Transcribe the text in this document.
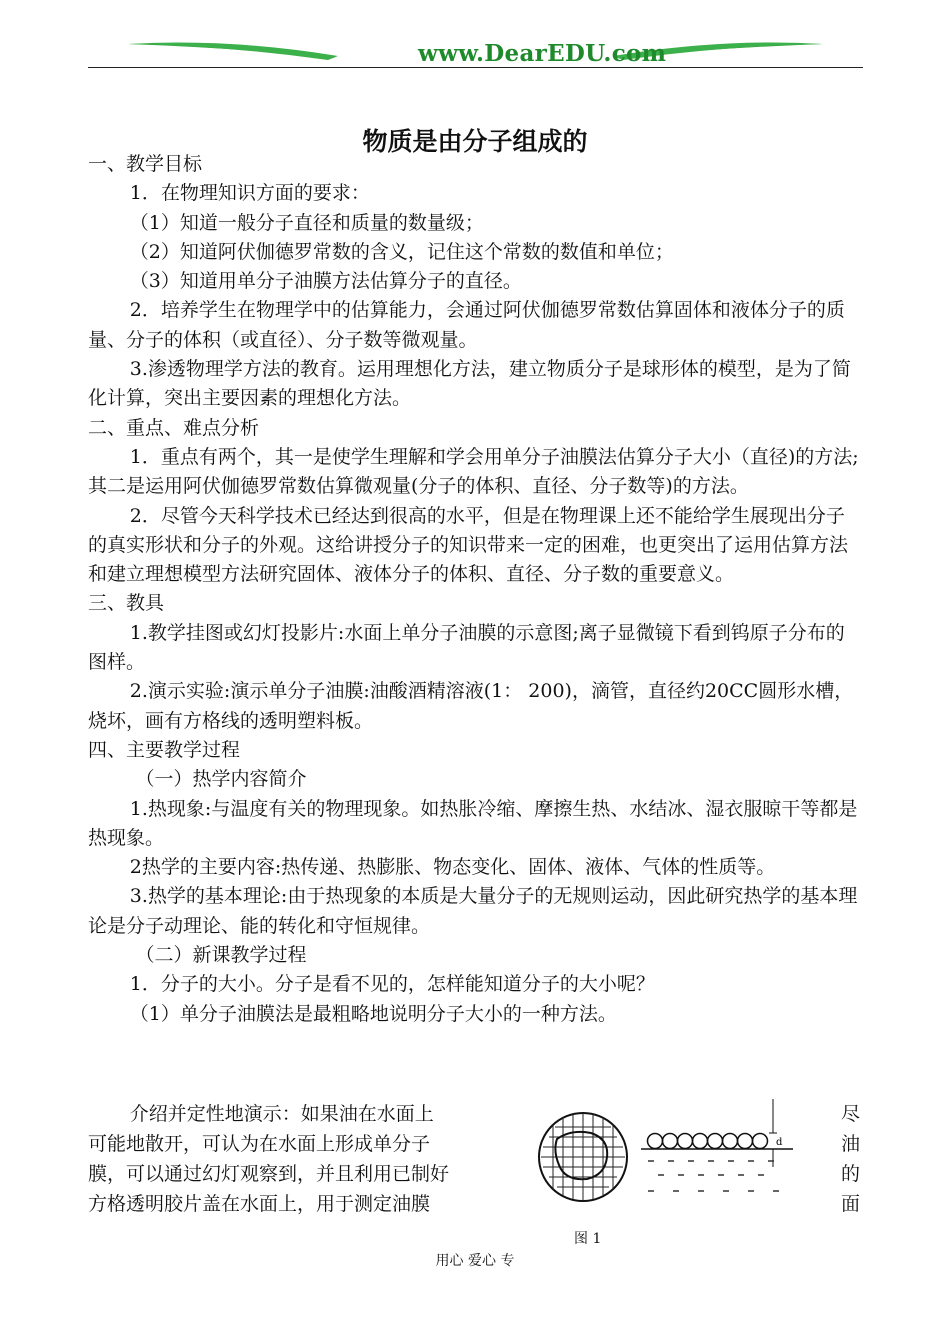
www.DearEDU.com
物质是由分子组成的

一、教学目标

1．在物理知识方面的要求：

（1）知道一般分子直径和质量的数量级；

（2）知道阿伏伽德罗常数的含义，记住这个常数的数值和单位；

（3）知道用单分子油膜方法估算分子的直径。

2．培养学生在物理学中的估算能力，会通过阿伏伽德罗常数估算固体和液体分子的质量、分子的体积（或直径）、分子数等微观量。

3.渗透物理学方法的教育。运用理想化方法，建立物质分子是球形体的模型，是为了简化计算，突出主要因素的理想化方法。

二、重点、难点分析

1．重点有两个，其一是使学生理解和学会用单分子油膜法估算分子大小（直径)的方法;其二是运用阿伏伽德罗常数估算微观量(分子的体积、直径、分子数等)的方法。

2．尽管今天科学技术已经达到很高的水平，但是在物理课上还不能给学生展现出分子的真实形状和分子的外观。这给讲授分子的知识带来一定的困难，也更突出了运用估算方法和建立理想模型方法研究固体、液体分子的体积、直径、分子数的重要意义。

三、教具

1.教学挂图或幻灯投影片:水面上单分子油膜的示意图;离子显微镜下看到钨原子分布的图样。

2.演示实验:演示单分子油膜:油酸酒精溶液(1： 200)，滴管，直径约20CC圆形水槽，烧坏，画有方格线的透明塑料板。

四、主要教学过程

（一）热学内容简介

1.热现象:与温度有关的物理现象。如热胀冷缩、摩擦生热、水结冰、湿衣服晾干等都是热现象。

2热学的主要内容:热传递、热膨胀、物态变化、固体、液体、气体的性质等。

3.热学的基本理论:由于热现象的本质是大量分子的无规则运动，因此研究热学的基本理论是分子动理论、能的转化和守恒规律。

（二）新课教学过程

1．分子的大小。分子是看不见的，怎样能知道分子的大小呢？

（1）单分子油膜法是最粗略地说明分子大小的一种方法。

介绍并定性地演示：如果油在水面上

可能地散开，可认为在水面上形成单分子

膜，可以通过幻灯观察到，并且利用已制好

方格透明胶片盖在水面上，用于测定油膜

d
尽
油
的
面
图 1
用心 爱心 专
